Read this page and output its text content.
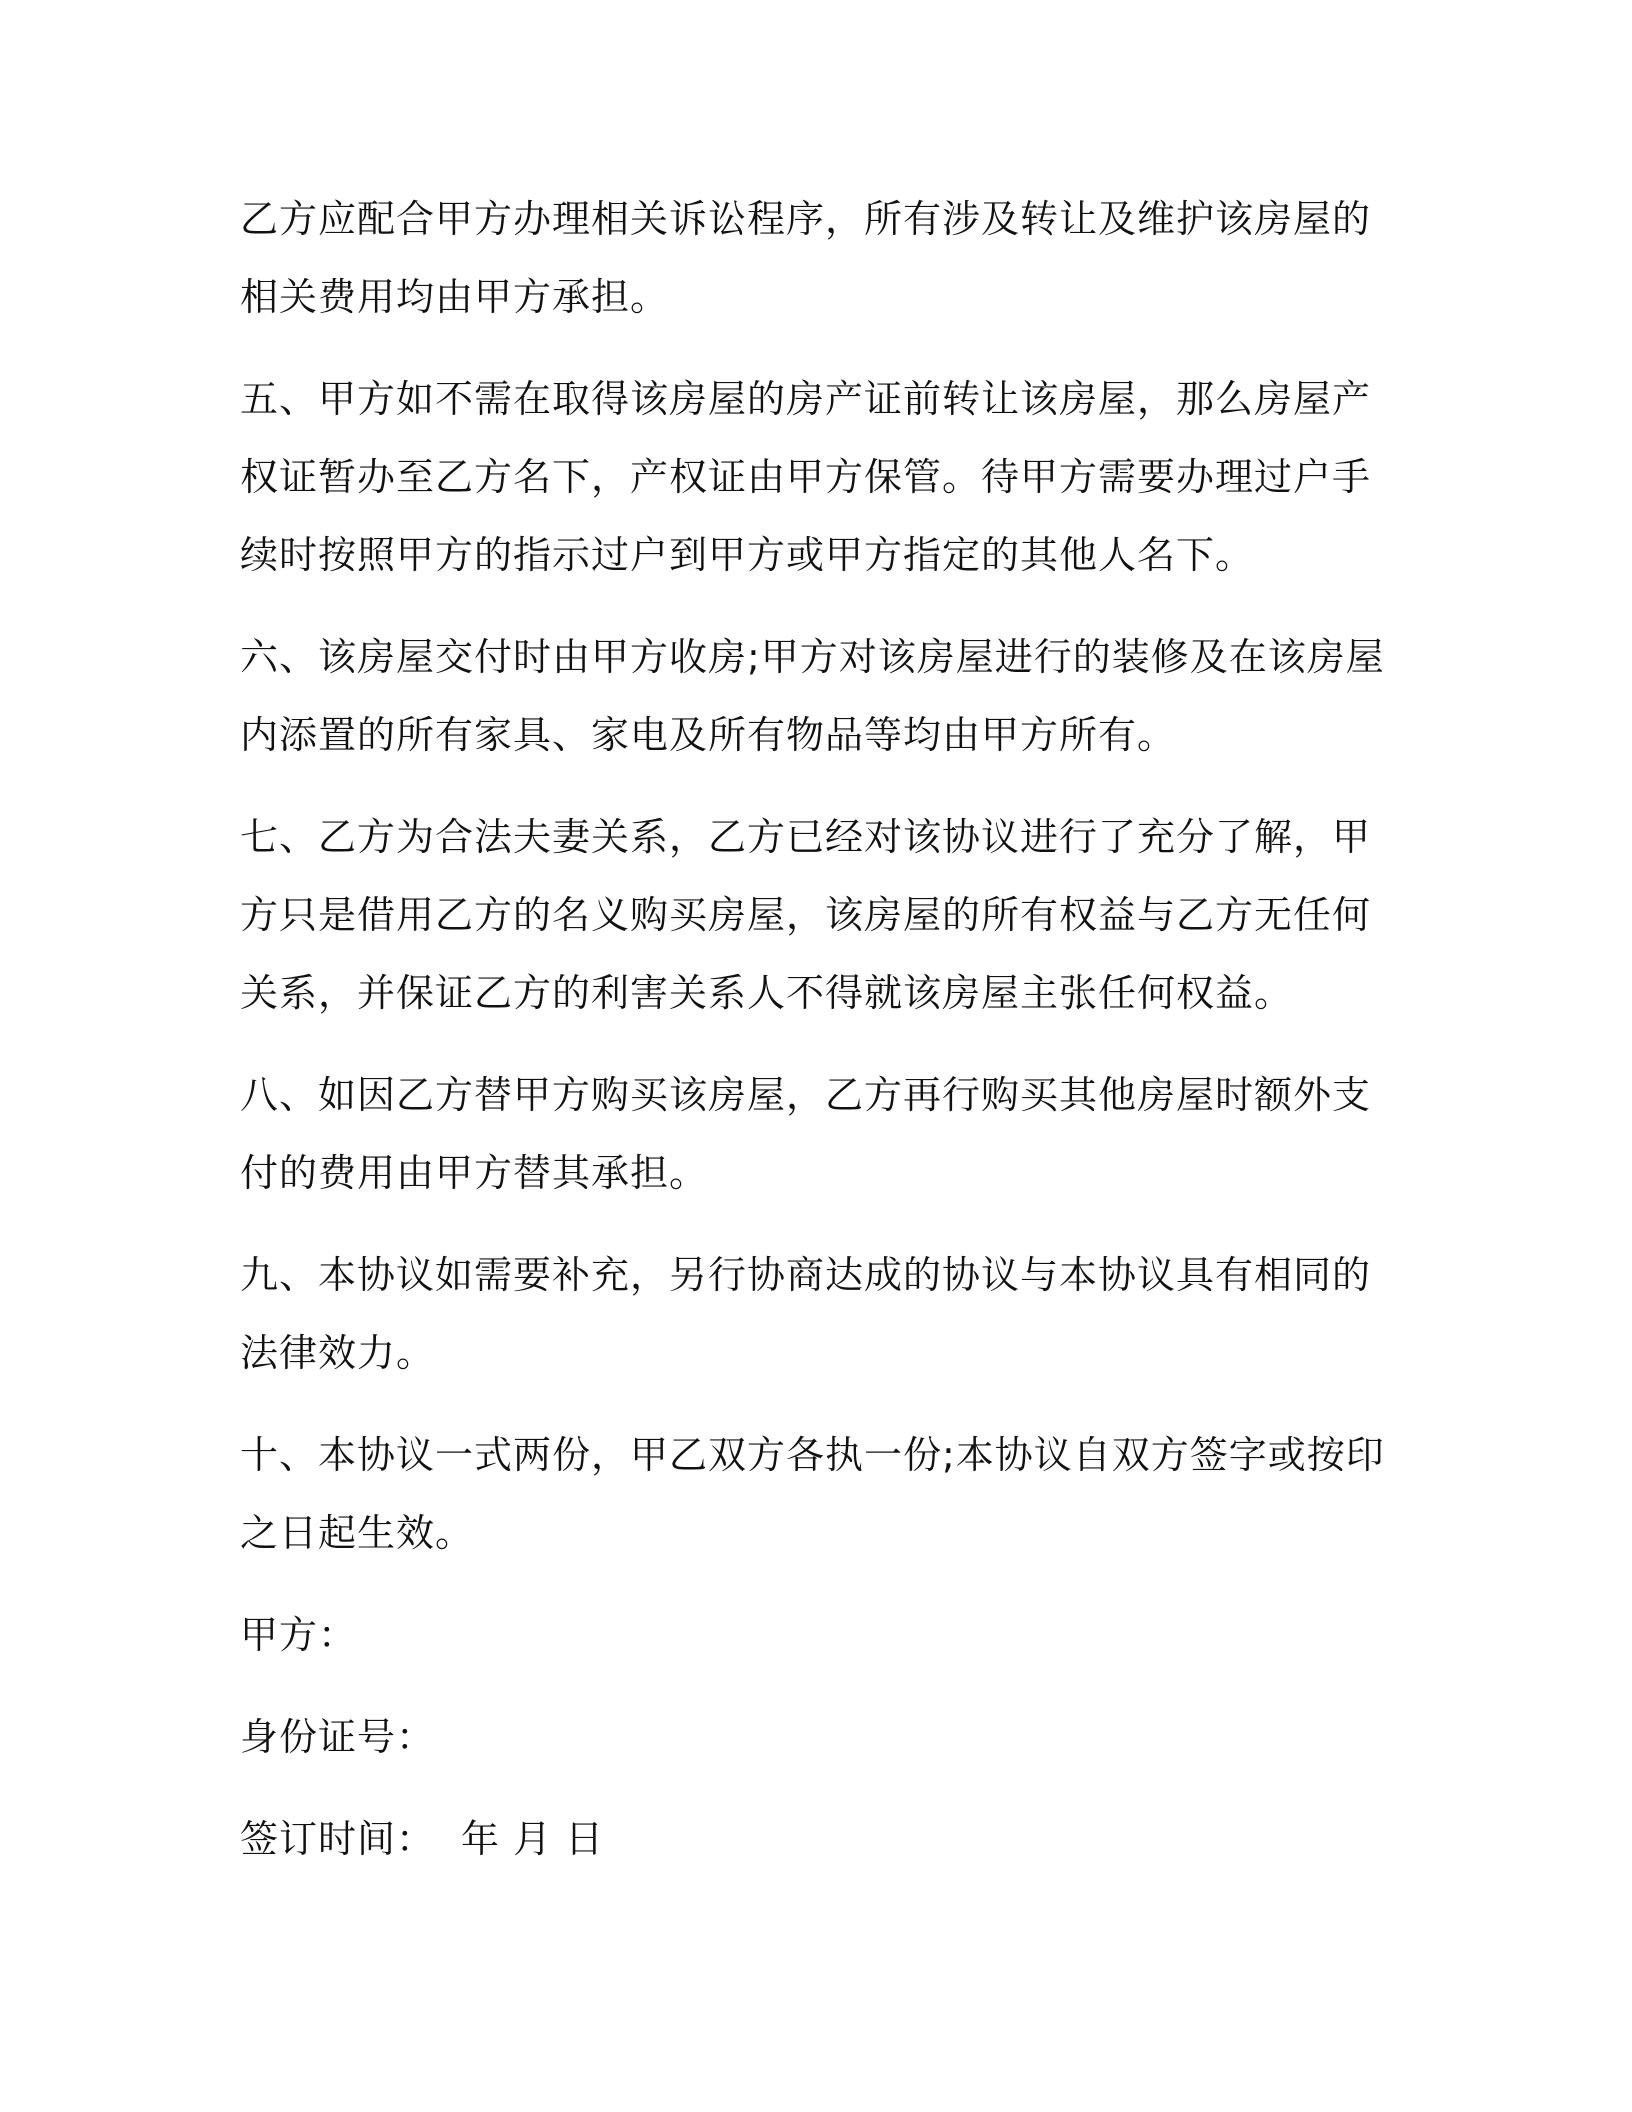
乙方应配合甲方办理相关诉讼程序，所有涉及转让及维护该房屋的相关费用均由甲方承担。

五、甲方如不需在取得该房屋的房产证前转让该房屋，那么房屋产权证暂办至乙方名下，产权证由甲方保管。待甲方需要办理过户手续时按照甲方的指示过户到甲方或甲方指定的其他人名下。

六、该房屋交付时由甲方收房;甲方对该房屋进行的装修及在该房屋内添置的所有家具、家电及所有物品等均由甲方所有。

七、乙方为合法夫妻关系，乙方已经对该协议进行了充分了解，甲方只是借用乙方的名义购买房屋，该房屋的所有权益与乙方无任何关系，并保证乙方的利害关系人不得就该房屋主张任何权益。

八、如因乙方替甲方购买该房屋，乙方再行购买其他房屋时额外支付的费用由甲方替其承担。

九、本协议如需要补充，另行协商达成的协议与本协议具有相同的法律效力。

十、本协议一式两份，甲乙双方各执一份;本协议自双方签字或按印之日起生效。

甲方：
身份证号：
签订时间： 年 月 日
